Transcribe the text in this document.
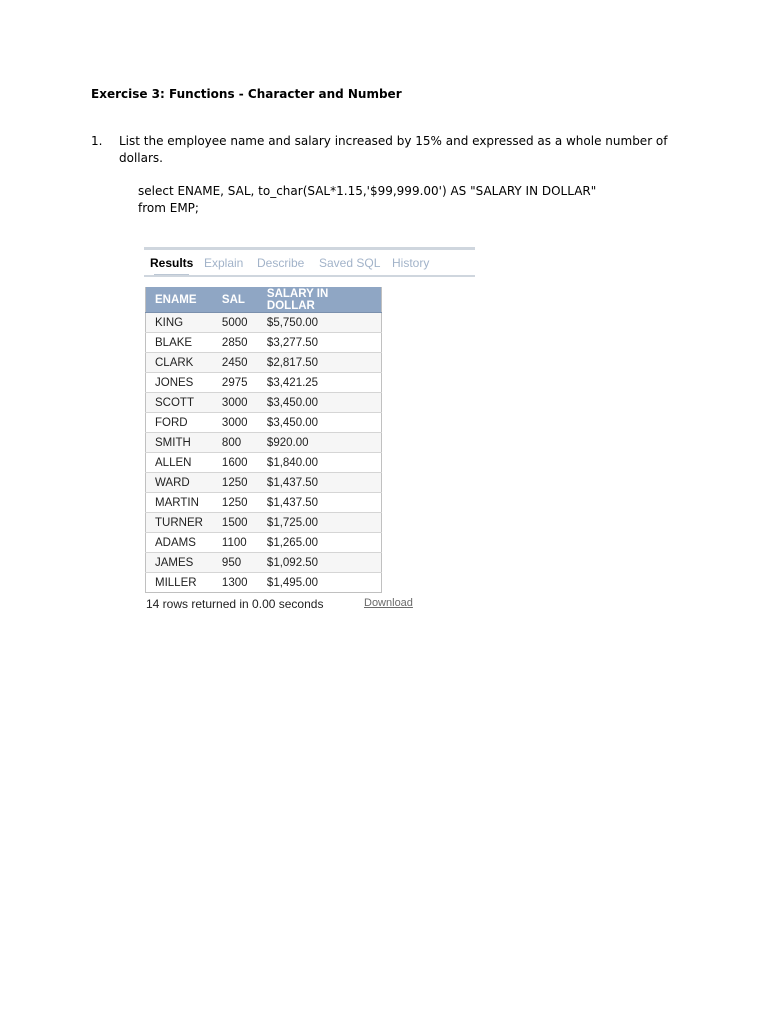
Exercise 3: Functions - Character and Number
1. List the employee name and salary increased by 15% and expressed as a whole number of
dollars.
select ENAME, SAL, to_char(SAL*1.15,'$99,999.00') AS "SALARY IN DOLLAR"
from EMP;
Results Explain Describe Saved SQL History
ENAME	SAL	SALARY IN DOLLAR
KING	5000	$5,750.00
BLAKE	2850	$3,277.50
CLARK	2450	$2,817.50
JONES	2975	$3,421.25
SCOTT	3000	$3,450.00
FORD	3000	$3,450.00
SMITH	800	$920.00
ALLEN	1600	$1,840.00
WARD	1250	$1,437.50
MARTIN	1250	$1,437.50
TURNER	1500	$1,725.00
ADAMS	1100	$1,265.00
JAMES	950	$1,092.50
MILLER	1300	$1,495.00
14 rows returned in 0.00 seconds	Download
